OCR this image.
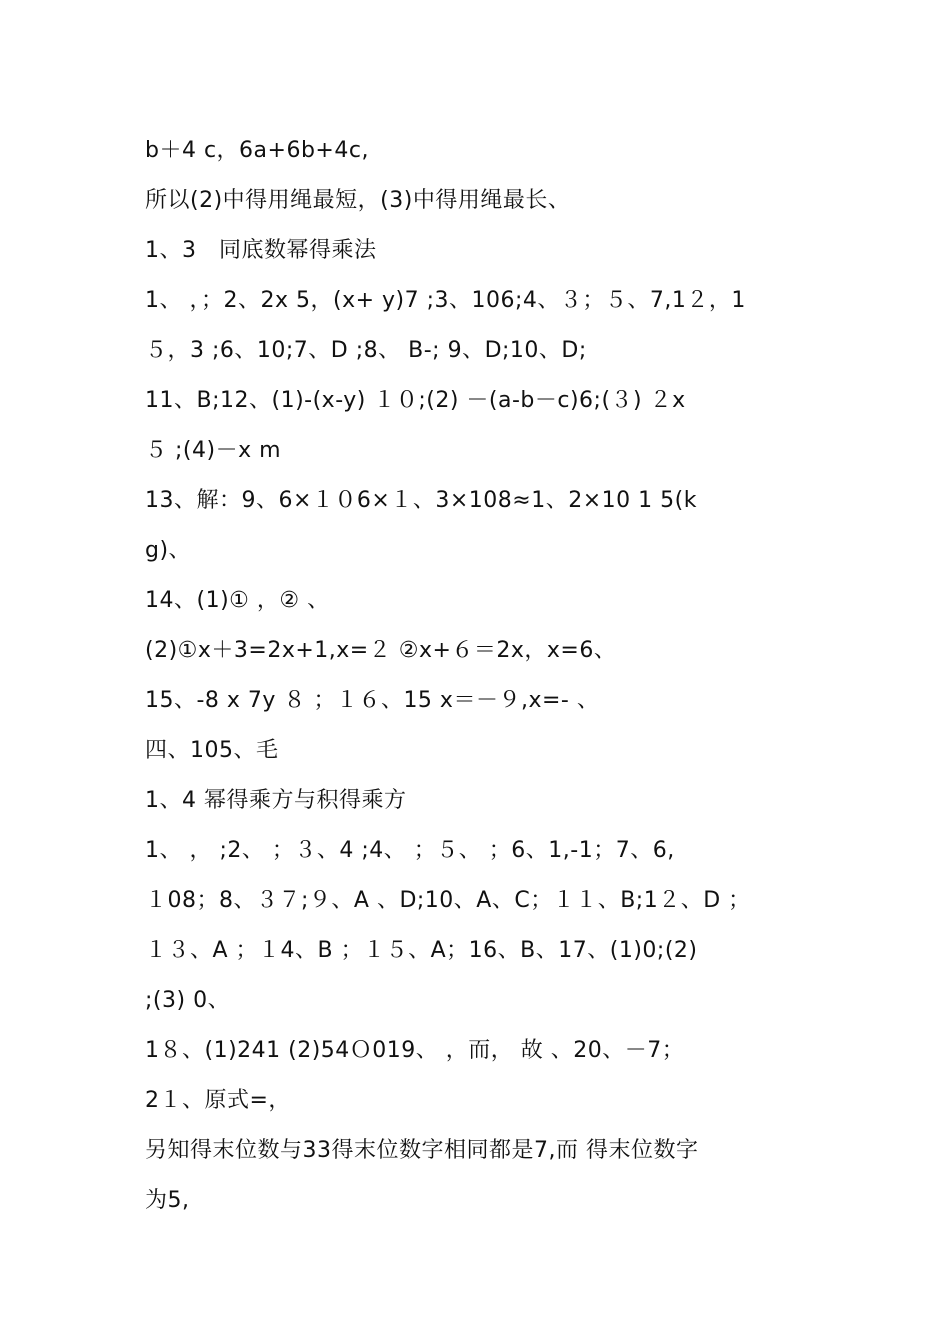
b＋4 c，6a+6b+4c,
所以(2)中得用绳最短，(3)中得用绳最长、
1、3　同底数幂得乘法
1、 ，；2、2x 5，(x+ y)7 ;3、106;4、３；５、7,1２，1
５，3 ;6、10;7、D ;8、 B-; 9、D;10、D;
11、B;12、(1)-(x-y) １０;(2) －(a-b－c)6;(３) ２x
５ ;(4)－x m
13、解：9、6×１０6×１、3×108≈1、2×10 1 5(k
g)、
14、(1)① ，② 、
(2)①x＋3=2x+1,x=２ ②x+６＝2x，x=6、
15、-8 x 7y ８ ；１６、15 x＝－９,x=- 、
四、105、毛
1、4 幂得乘方与积得乘方
1、 ， ;2、 ；３、4 ;4、 ；５、 ；6、1,-1；7、6,
１08；8、３７;９、A 、D;10、A、C；１１、B;1２、D ；
１３、A ；１4、B ；１５、A；16、B、17、(1)0;(2)
;(3) 0、
1８、(1)241 (2)54Ｏ019、 ，而， 故 、20、－7；
2１、原式=，
另知得末位数与33得末位数字相同都是7,而 得末位数字
为5,
